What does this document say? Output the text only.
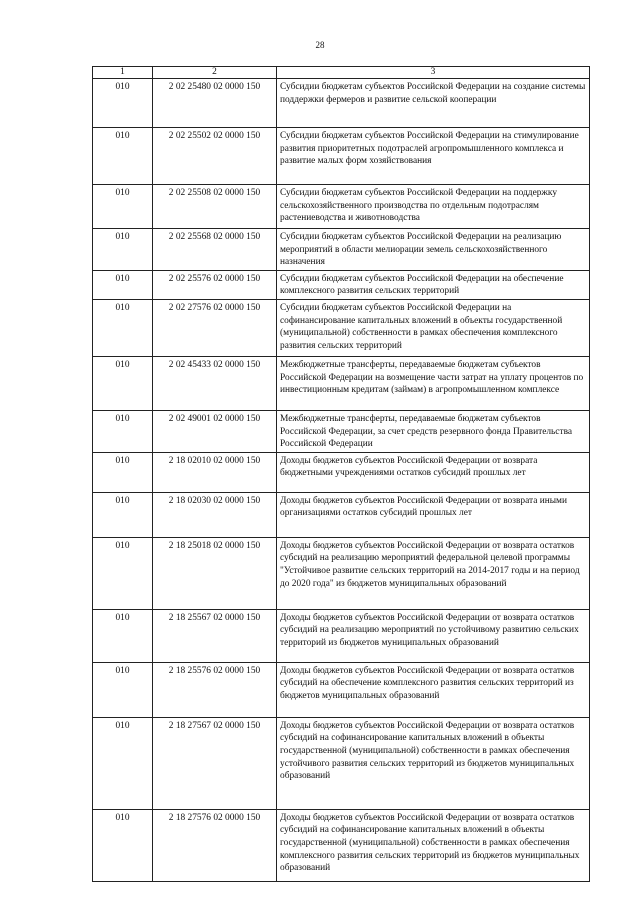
28
1	2	3
010	2 02 25480 02 0000 150	Субсидии бюджетам субъектов Российской Федерации на создание системы поддержки фермеров и развитие сельской кооперации
010	2 02 25502 02 0000 150	Субсидии бюджетам субъектов Российской Федерации на стимулирование развития приоритетных подотраслей агропромышленного комплекса и развитие малых форм хозяйствования
010	2 02 25508 02 0000 150	Субсидии бюджетам субъектов Российской Федерации на поддержку сельскохозяйственного производства по отдельным подотраслям растениеводства и животноводства
010	2 02 25568 02 0000 150	Субсидии бюджетам субъектов Российской Федерации на реализацию мероприятий в области мелиорации земель сельскохозяйственного назначения
010	2 02 25576 02 0000 150	Субсидии бюджетам субъектов Российской Федерации на обеспечение комплексного развития сельских территорий
010	2 02 27576 02 0000 150	Субсидии бюджетам субъектов Российской Федерации на софинансирование капитальных вложений в объекты государственной (муниципальной) собственности в рамках обеспечения комплексного развития сельских территорий
010	2 02 45433 02 0000 150	Межбюджетные трансферты, передаваемые бюджетам субъектов Российской Федерации на возмещение части затрат на уплату процентов по инвестиционным кредитам (займам) в агропромышленном комплексе
010	2 02 49001 02 0000 150	Межбюджетные трансферты, передаваемые бюджетам субъектов Российской Федерации, за счет средств резервного фонда Правительства Российской Федерации
010	2 18 02010 02 0000 150	Доходы бюджетов субъектов Российской Федерации от возврата бюджетными учреждениями остатков субсидий прошлых лет
010	2 18 02030 02 0000 150	Доходы бюджетов субъектов Российской Федерации от возврата иными организациями остатков субсидий прошлых лет
010	2 18 25018 02 0000 150	Доходы бюджетов субъектов Российской Федерации от возврата остатков субсидий на реализацию мероприятий федеральной целевой программы "Устойчивое развитие сельских территорий на 2014-2017 годы и на период до 2020 года" из бюджетов муниципальных образований
010	2 18 25567 02 0000 150	Доходы бюджетов субъектов Российской Федерации от возврата остатков субсидий на реализацию мероприятий по устойчивому развитию сельских территорий из бюджетов муниципальных образований
010	2 18 25576 02 0000 150	Доходы бюджетов субъектов Российской Федерации от возврата остатков субсидий на обеспечение комплексного развития сельских территорий из бюджетов муниципальных образований
010	2 18 27567 02 0000 150	Доходы бюджетов субъектов Российской Федерации от возврата остатков субсидий на софинансирование капитальных вложений в объекты государственной (муниципальной) собственности в рамках обеспечения устойчивого развития сельских территорий из бюджетов муниципальных образований
010	2 18 27576 02 0000 150	Доходы бюджетов субъектов Российской Федерации от возврата остатков субсидий на софинансирование капитальных вложений в объекты государственной (муниципальной) собственности в рамках обеспечения комплексного развития сельских территорий из бюджетов муниципальных образований
